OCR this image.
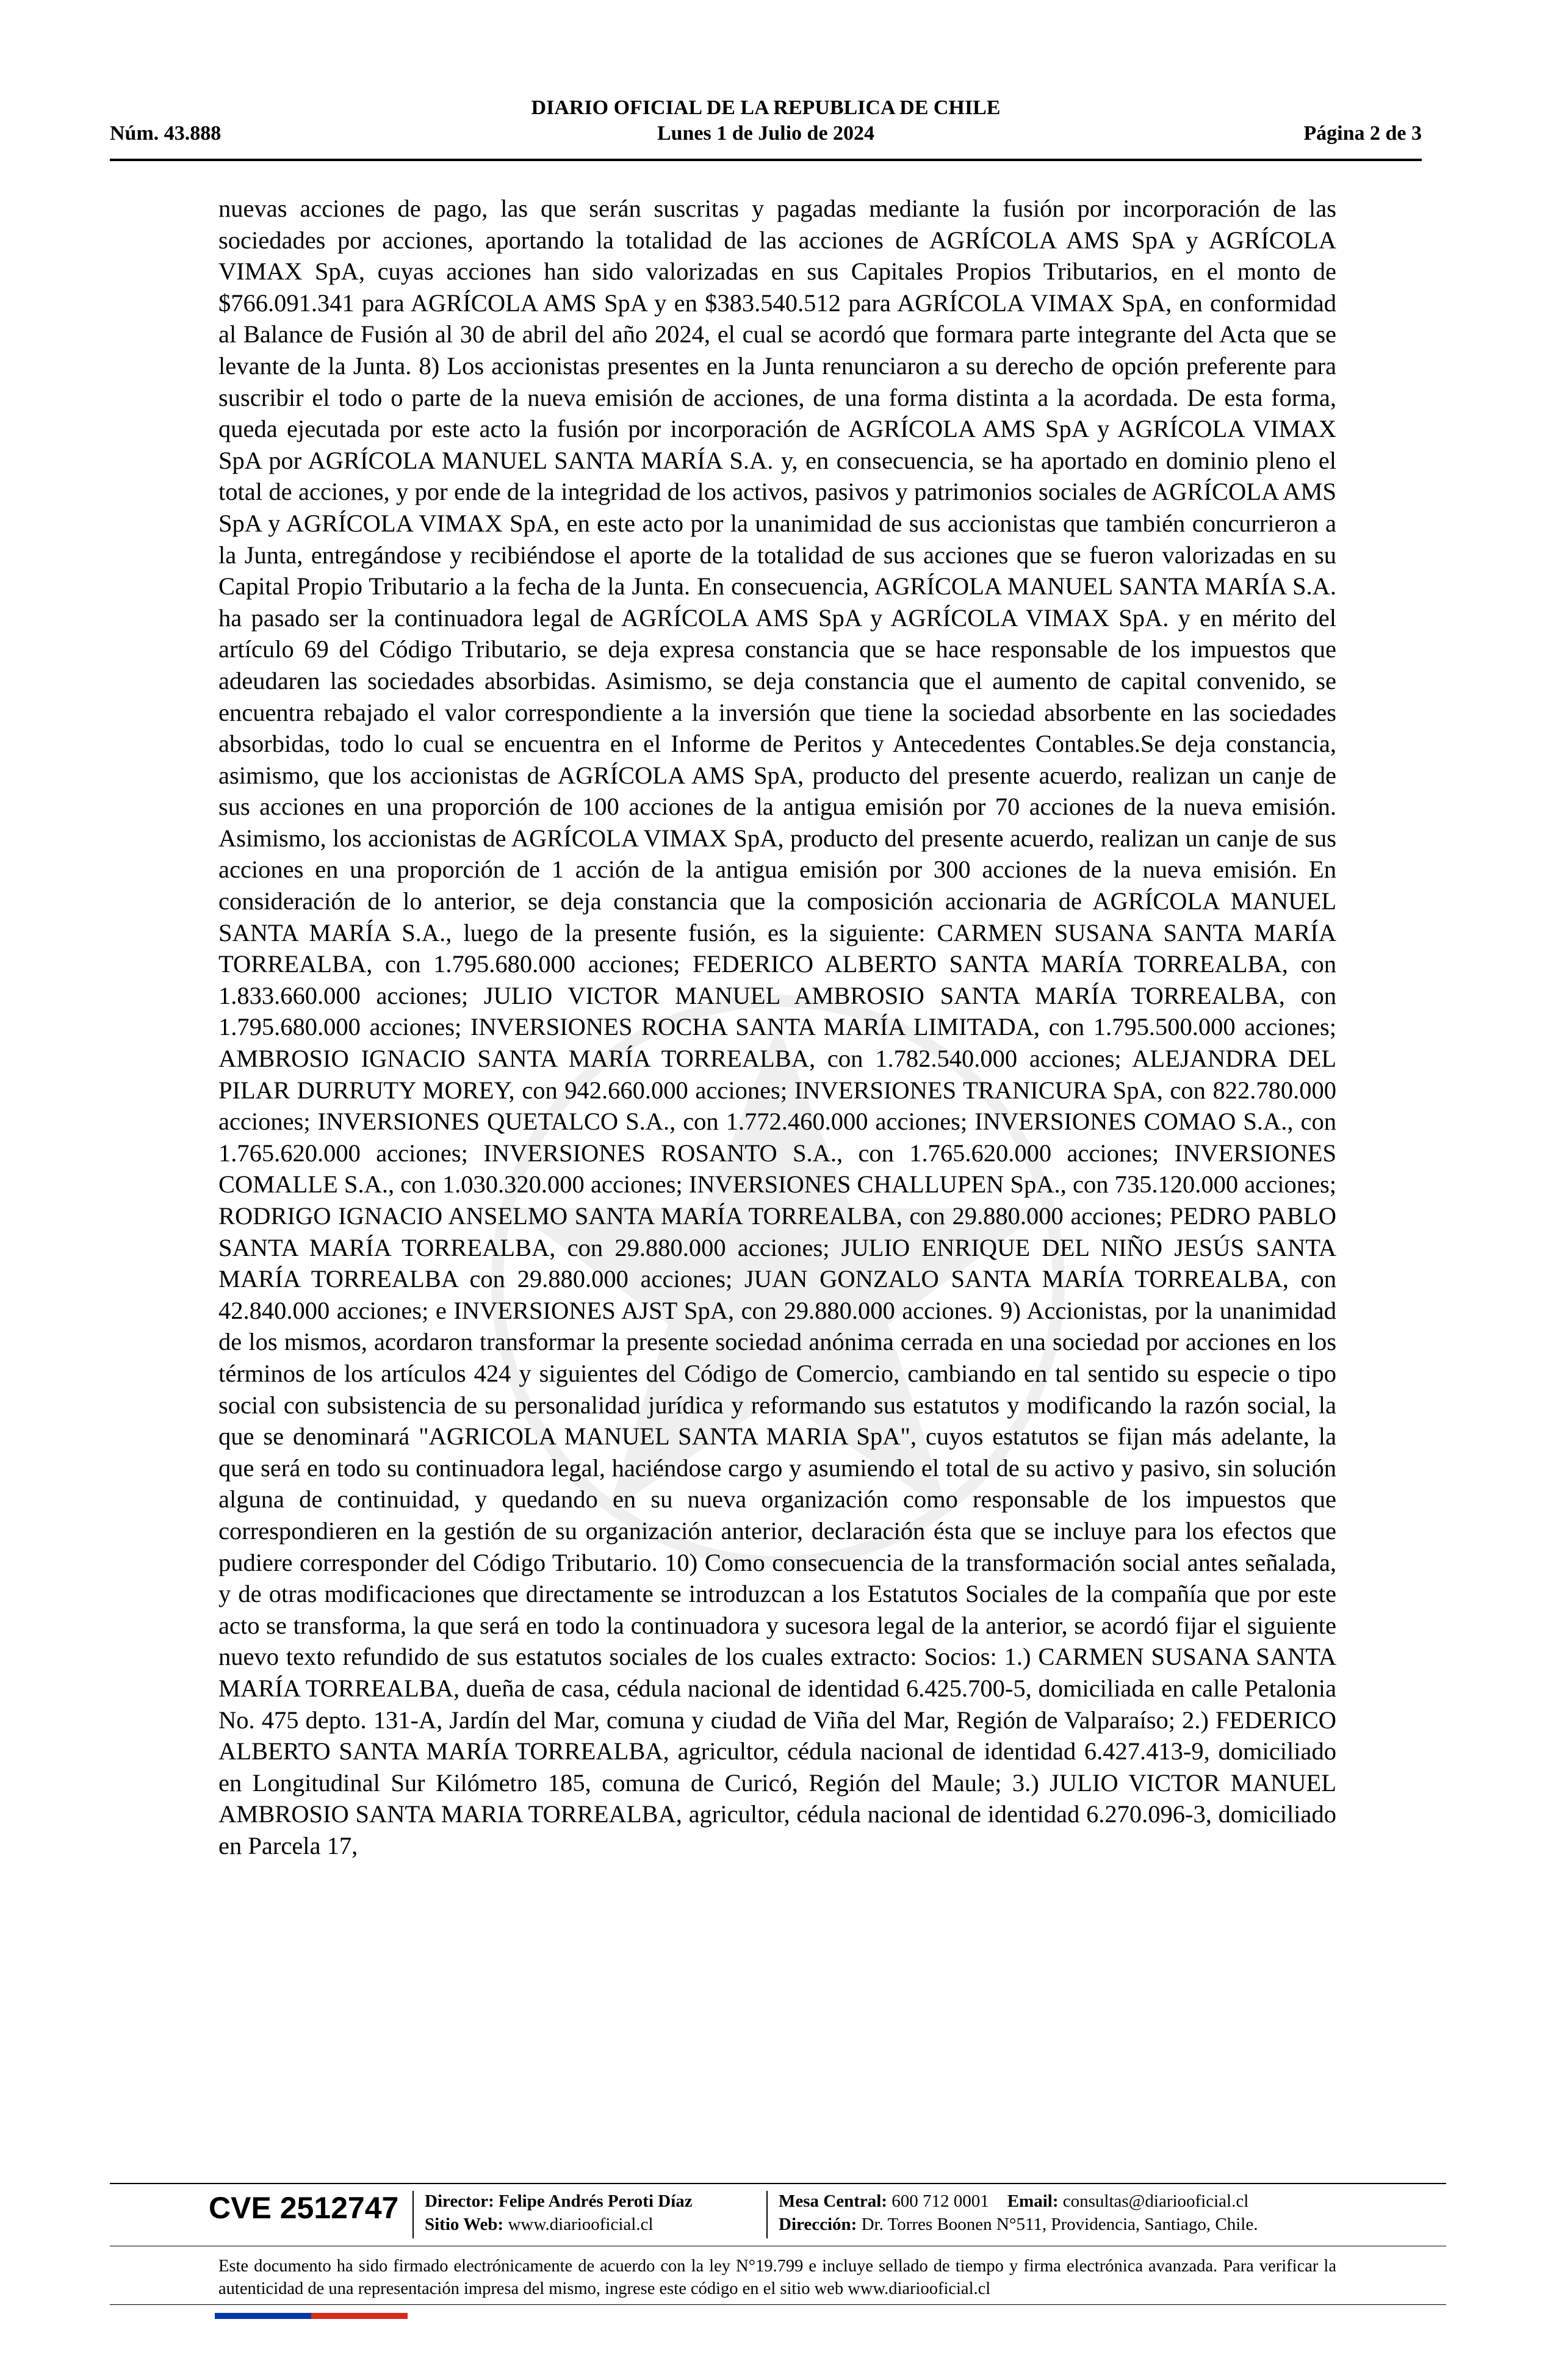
DIARIO OFICIAL DE LA REPUBLICA DE CHILE
Núm. 43.888	Lunes 1 de Julio de 2024	Página 2 de 3

nuevas acciones de pago, las que serán suscritas y pagadas mediante la fusión por incorporación de las sociedades por acciones, aportando la totalidad de las acciones de AGRÍCOLA AMS SpA y AGRÍCOLA VIMAX SpA, cuyas acciones han sido valorizadas en sus Capitales Propios Tributarios, en el monto de $766.091.341 para AGRÍCOLA AMS SpA y en $383.540.512 para AGRÍCOLA VIMAX SpA, en conformidad al Balance de Fusión al 30 de abril del año 2024, el cual se acordó que formara parte integrante del Acta que se levante de la Junta. 8) Los accionistas presentes en la Junta renunciaron a su derecho de opción preferente para suscribir el todo o parte de la nueva emisión de acciones, de una forma distinta a la acordada. De esta forma, queda ejecutada por este acto la fusión por incorporación de AGRÍCOLA AMS SpA y AGRÍCOLA VIMAX SpA por AGRÍCOLA MANUEL SANTA MARÍA S.A. y, en consecuencia, se ha aportado en dominio pleno el total de acciones, y por ende de la integridad de los activos, pasivos y patrimonios sociales de AGRÍCOLA AMS SpA y AGRÍCOLA VIMAX SpA, en este acto por la unanimidad de sus accionistas que también concurrieron a la Junta, entregándose y recibiéndose el aporte de la totalidad de sus acciones que se fueron valorizadas en su Capital Propio Tributario a la fecha de la Junta. En consecuencia, AGRÍCOLA MANUEL SANTA MARÍA S.A. ha pasado ser la continuadora legal de AGRÍCOLA AMS SpA y AGRÍCOLA VIMAX SpA. y en mérito del artículo 69 del Código Tributario, se deja expresa constancia que se hace responsable de los impuestos que adeudaren las sociedades absorbidas. Asimismo, se deja constancia que el aumento de capital convenido, se encuentra rebajado el valor correspondiente a la inversión que tiene la sociedad absorbente en las sociedades absorbidas, todo lo cual se encuentra en el Informe de Peritos y Antecedentes Contables.Se deja constancia, asimismo, que los accionistas de AGRÍCOLA AMS SpA, producto del presente acuerdo, realizan un canje de sus acciones en una proporción de 100 acciones de la antigua emisión por 70 acciones de la nueva emisión. Asimismo, los accionistas de AGRÍCOLA VIMAX SpA, producto del presente acuerdo, realizan un canje de sus acciones en una proporción de 1 acción de la antigua emisión por 300 acciones de la nueva emisión. En consideración de lo anterior, se deja constancia que la composición accionaria de AGRÍCOLA MANUEL SANTA MARÍA S.A., luego de la presente fusión, es la siguiente: CARMEN SUSANA SANTA MARÍA TORREALBA, con 1.795.680.000 acciones; FEDERICO ALBERTO SANTA MARÍA TORREALBA, con 1.833.660.000 acciones; JULIO VICTOR MANUEL AMBROSIO SANTA MARÍA TORREALBA, con 1.795.680.000 acciones; INVERSIONES ROCHA SANTA MARÍA LIMITADA, con 1.795.500.000 acciones; AMBROSIO IGNACIO SANTA MARÍA TORREALBA, con 1.782.540.000 acciones; ALEJANDRA DEL PILAR DURRUTY MOREY, con 942.660.000 acciones; INVERSIONES TRANICURA SpA, con 822.780.000 acciones; INVERSIONES QUETALCO S.A., con 1.772.460.000 acciones; INVERSIONES COMAO S.A., con 1.765.620.000 acciones; INVERSIONES ROSANTO S.A., con 1.765.620.000 acciones; INVERSIONES COMALLE S.A., con 1.030.320.000 acciones; INVERSIONES CHALLUPEN SpA., con 735.120.000 acciones; RODRIGO IGNACIO ANSELMO SANTA MARÍA TORREALBA, con 29.880.000 acciones; PEDRO PABLO SANTA MARÍA TORREALBA, con 29.880.000 acciones; JULIO ENRIQUE DEL NIÑO JESÚS SANTA MARÍA TORREALBA con 29.880.000 acciones; JUAN GONZALO SANTA MARÍA TORREALBA, con 42.840.000 acciones; e INVERSIONES AJST SpA, con 29.880.000 acciones. 9) Accionistas, por la unanimidad de los mismos, acordaron transformar la presente sociedad anónima cerrada en una sociedad por acciones en los términos de los artículos 424 y siguientes del Código de Comercio, cambiando en tal sentido su especie o tipo social con subsistencia de su personalidad jurídica y reformando sus estatutos y modificando la razón social, la que se denominará "AGRICOLA MANUEL SANTA MARIA SpA", cuyos estatutos se fijan más adelante, la que será en todo su continuadora legal, haciéndose cargo y asumiendo el total de su activo y pasivo, sin solución alguna de continuidad, y quedando en su nueva organización como responsable de los impuestos que correspondieren en la gestión de su organización anterior, declaración ésta que se incluye para los efectos que pudiere corresponder del Código Tributario. 10) Como consecuencia de la transformación social antes señalada, y de otras modificaciones que directamente se introduzcan a los Estatutos Sociales de la compañía que por este acto se transforma, la que será en todo la continuadora y sucesora legal de la anterior, se acordó fijar el siguiente nuevo texto refundido de sus estatutos sociales de los cuales extracto: Socios: 1.) CARMEN SUSANA SANTA MARÍA TORREALBA, dueña de casa, cédula nacional de identidad 6.425.700-5, domiciliada en calle Petalonia No. 475 depto. 131-A, Jardín del Mar, comuna y ciudad de Viña del Mar, Región de Valparaíso; 2.) FEDERICO ALBERTO SANTA MARÍA TORREALBA, agricultor, cédula nacional de identidad 6.427.413-9, domiciliado en Longitudinal Sur Kilómetro 185, comuna de Curicó, Región del Maule; 3.) JULIO VICTOR MANUEL AMBROSIO SANTA MARIA TORREALBA, agricultor, cédula nacional de identidad 6.270.096-3, domiciliado en Parcela 17,

CVE 2512747 Director: Felipe Andrés Peroti Díaz
Sitio Web: www.diariooficial.cl
Mesa Central: 600 712 0001 Email: consultas@diariooficial.cl
Dirección: Dr. Torres Boonen N°511, Providencia, Santiago, Chile.
Este documento ha sido firmado electrónicamente de acuerdo con la ley N°19.799 e incluye sellado de tiempo y firma electrónica avanzada. Para verificar la autenticidad de una representación impresa del mismo, ingrese este código en el sitio web www.diariooficial.cl
